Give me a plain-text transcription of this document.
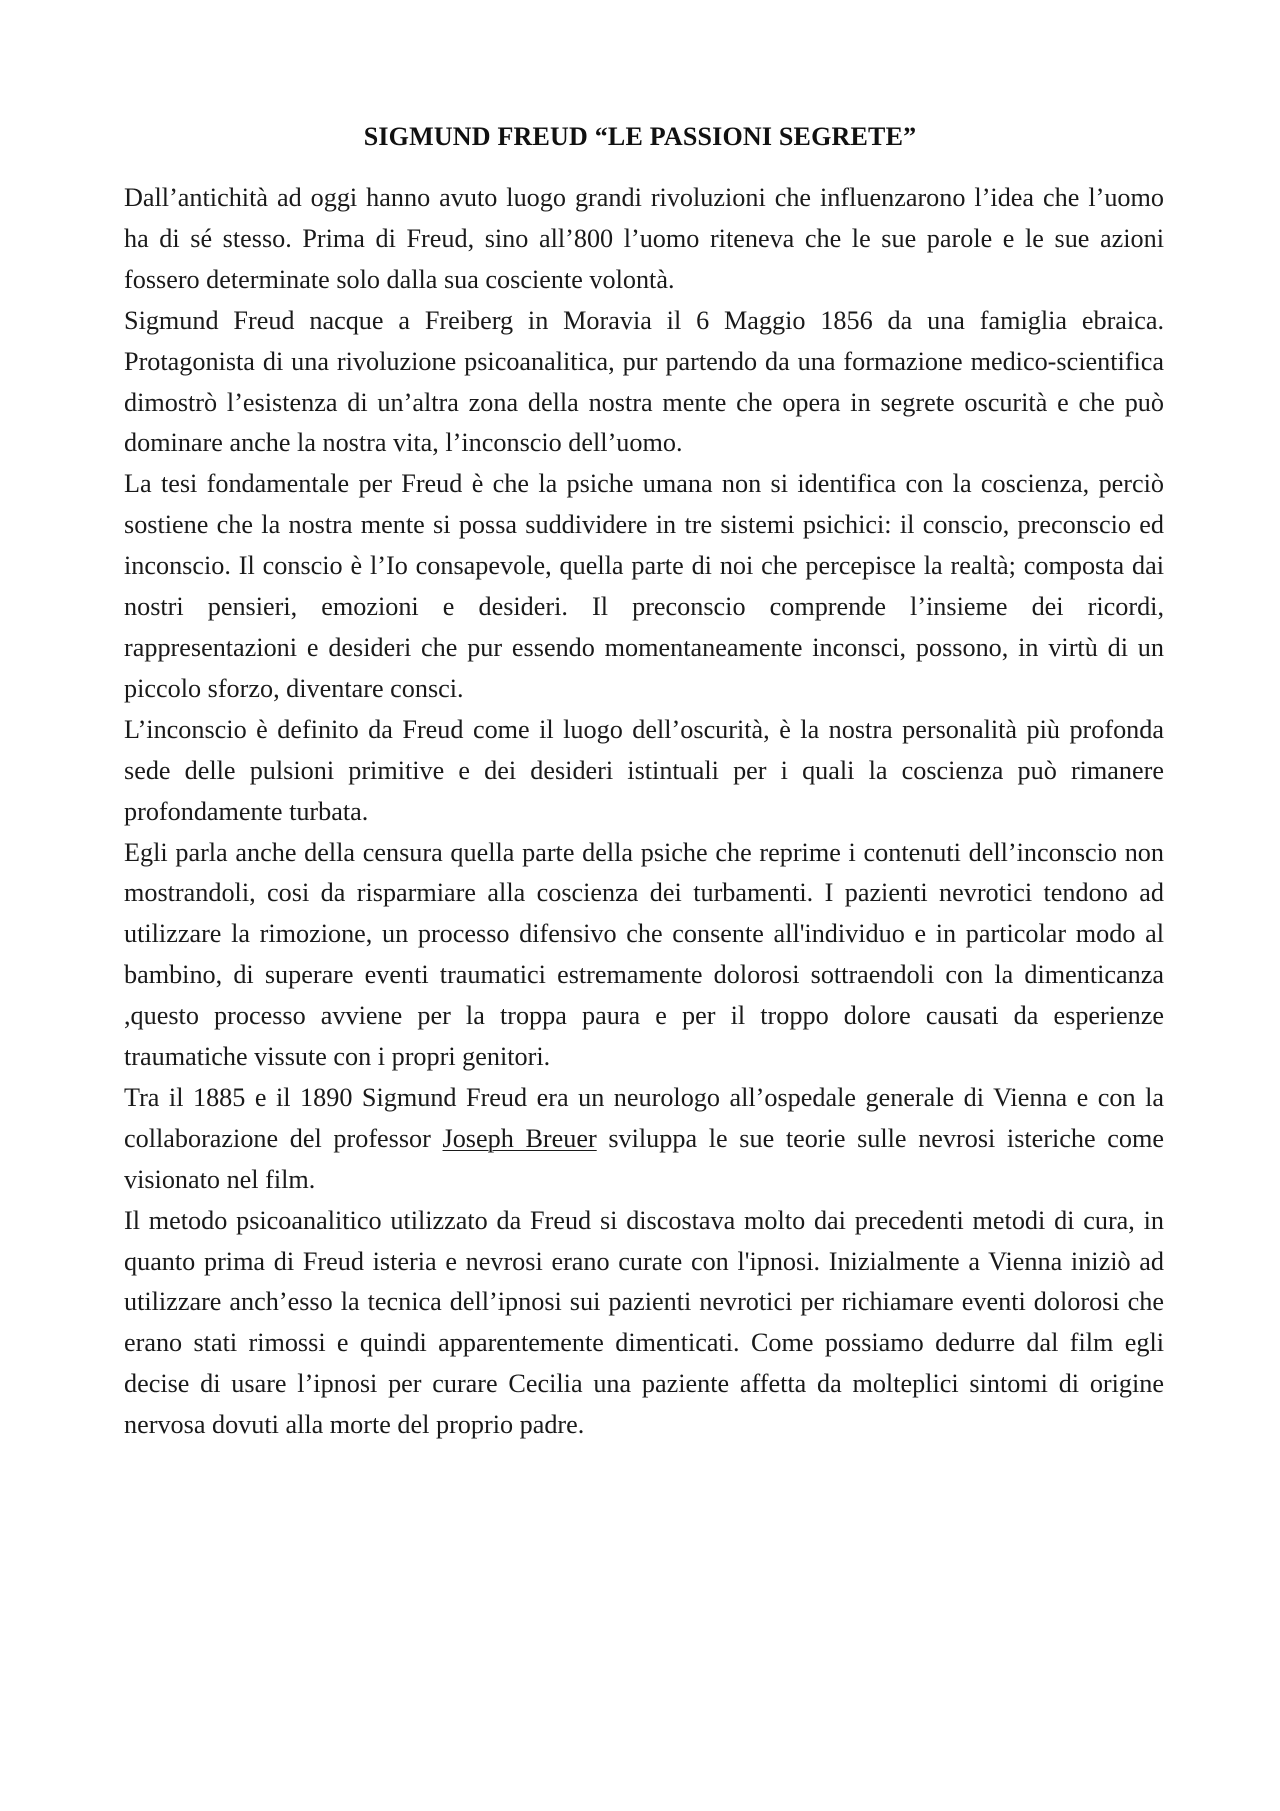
SIGMUND FREUD “LE PASSIONI SEGRETE”

Dall’antichità ad oggi hanno avuto luogo grandi rivoluzioni che influenzarono l’idea che l’uomo ha di sé stesso. Prima di Freud, sino all’800 l’uomo riteneva che le sue parole e le sue azioni fossero determinate solo dalla sua cosciente volontà.

Sigmund Freud nacque a Freiberg in Moravia il 6 Maggio 1856 da una famiglia ebraica. Protagonista di una rivoluzione psicoanalitica, pur partendo da una formazione medico-scientifica dimostrò l’esistenza di un’altra zona della nostra mente che opera in segrete oscurità e che può dominare anche la nostra vita, l’inconscio dell’uomo.

La tesi fondamentale per Freud è che la psiche umana non si identifica con la coscienza, perciò sostiene che la nostra mente si possa suddividere in tre sistemi psichici: il conscio, preconscio ed inconscio. Il conscio è l’Io consapevole, quella parte di noi che percepisce la realtà; composta dai nostri pensieri, emozioni e desideri. Il preconscio comprende l’insieme dei ricordi, rappresentazioni e desideri che pur essendo momentaneamente inconsci, possono, in virtù di un piccolo sforzo, diventare consci.

L’inconscio è definito da Freud come il luogo dell’oscurità, è la nostra personalità più profonda sede delle pulsioni primitive e dei desideri istintuali per i quali la coscienza può rimanere profondamente turbata.

Egli parla anche della censura quella parte della psiche che reprime i contenuti dell’inconscio non mostrandoli, cosi da risparmiare alla coscienza dei turbamenti. I pazienti nevrotici tendono ad utilizzare la rimozione, un processo difensivo che consente all'individuo e in particolar modo al bambino, di superare eventi traumatici estremamente dolorosi sottraendoli con la dimenticanza ,questo processo avviene per la troppa paura e per il troppo dolore causati da esperienze traumatiche vissute con i propri genitori.

Tra il 1885 e il 1890 Sigmund Freud era un neurologo all’ospedale generale di Vienna e con la collaborazione del professor Joseph Breuer sviluppa le sue teorie sulle nevrosi isteriche come visionato nel film.

Il metodo psicoanalitico utilizzato da Freud si discostava molto dai precedenti metodi di cura, in quanto prima di Freud isteria e nevrosi erano curate con l'ipnosi. Inizialmente a Vienna iniziò ad utilizzare anch’esso la tecnica dell’ipnosi sui pazienti nevrotici per richiamare eventi dolorosi che erano stati rimossi e quindi apparentemente dimenticati. Come possiamo dedurre dal film egli decise di usare l’ipnosi per curare Cecilia una paziente affetta da molteplici sintomi di origine nervosa dovuti alla morte del proprio padre.
